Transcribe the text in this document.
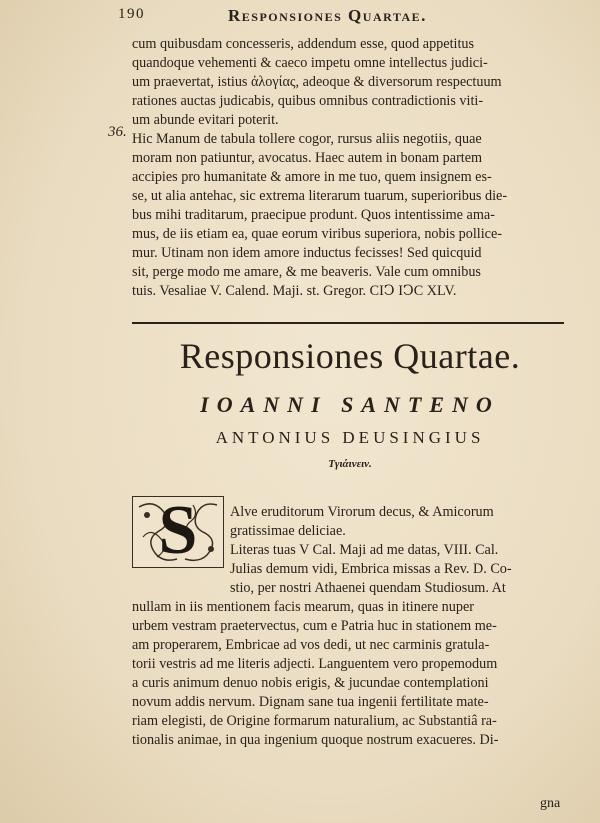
190	Responsiones Quartae.
36.
cum quibusdam concesseris, addendum esse, quod appetitus
quandoque vehementi & caeco impetu omne intellectus judici-
um praevertat, istius ἀλογίας, adeoque & diversorum respectuum
rationes auctas judicabis, quibus omnibus contradictionis viti-
um abunde evitari poterit.
Hic Manum de tabula tollere cogor, rursus aliis negotiis, quae
moram non patiuntur, avocatus. Haec autem in bonam partem
accipies pro humanitate & amore in me tuo, quem insignem es-
se, ut alia antehac, sic extrema literarum tuarum, superioribus die-
bus mihi traditarum, praecipue produnt. Quos intentissime ama-
mus, de iis etiam ea, quae eorum viribus superiora, nobis pollice-
mur. Utinam non idem amore inductus fecisses! Sed quicquid
sit, perge modo me amare, & me beaveris. Vale cum omnibus
tuis. Vesaliae V. Calend. Maji. st. Gregor. CIↃ IↃC XLV.
Responsiones Quartae.
IOANNI SANTENO
ANTONIUS DEUSINGIUS
Τγιάινειν.
S	Alve eruditorum Virorum decus, & Amicorum
gratissimae deliciae.
Literas tuas V Cal. Maji ad me datas, VIII. Cal.
Julias demum vidi, Embrica missas a Rev. D. Co-
stio, per nostri Athaenei quendam Studiosum. At
nullam in iis mentionem facis mearum, quas in itinere nuper
urbem vestram praetervectus, cum e Patria huc in stationem me-
am properarem, Embricae ad vos dedi, ut nec carminis gratula-
torii vestris ad me literis adjecti. Languentem vero propemodum
a curis animum denuo nobis erigis, & jucundae contemplationi
novum addis nervum. Dignam sane tua ingenii fertilitate mate-
riam elegisti, de Origine formarum naturalium, ac Substantiâ ra-
tionalis animae, in qua ingenium quoque nostrum exacueres. Di-
gna
